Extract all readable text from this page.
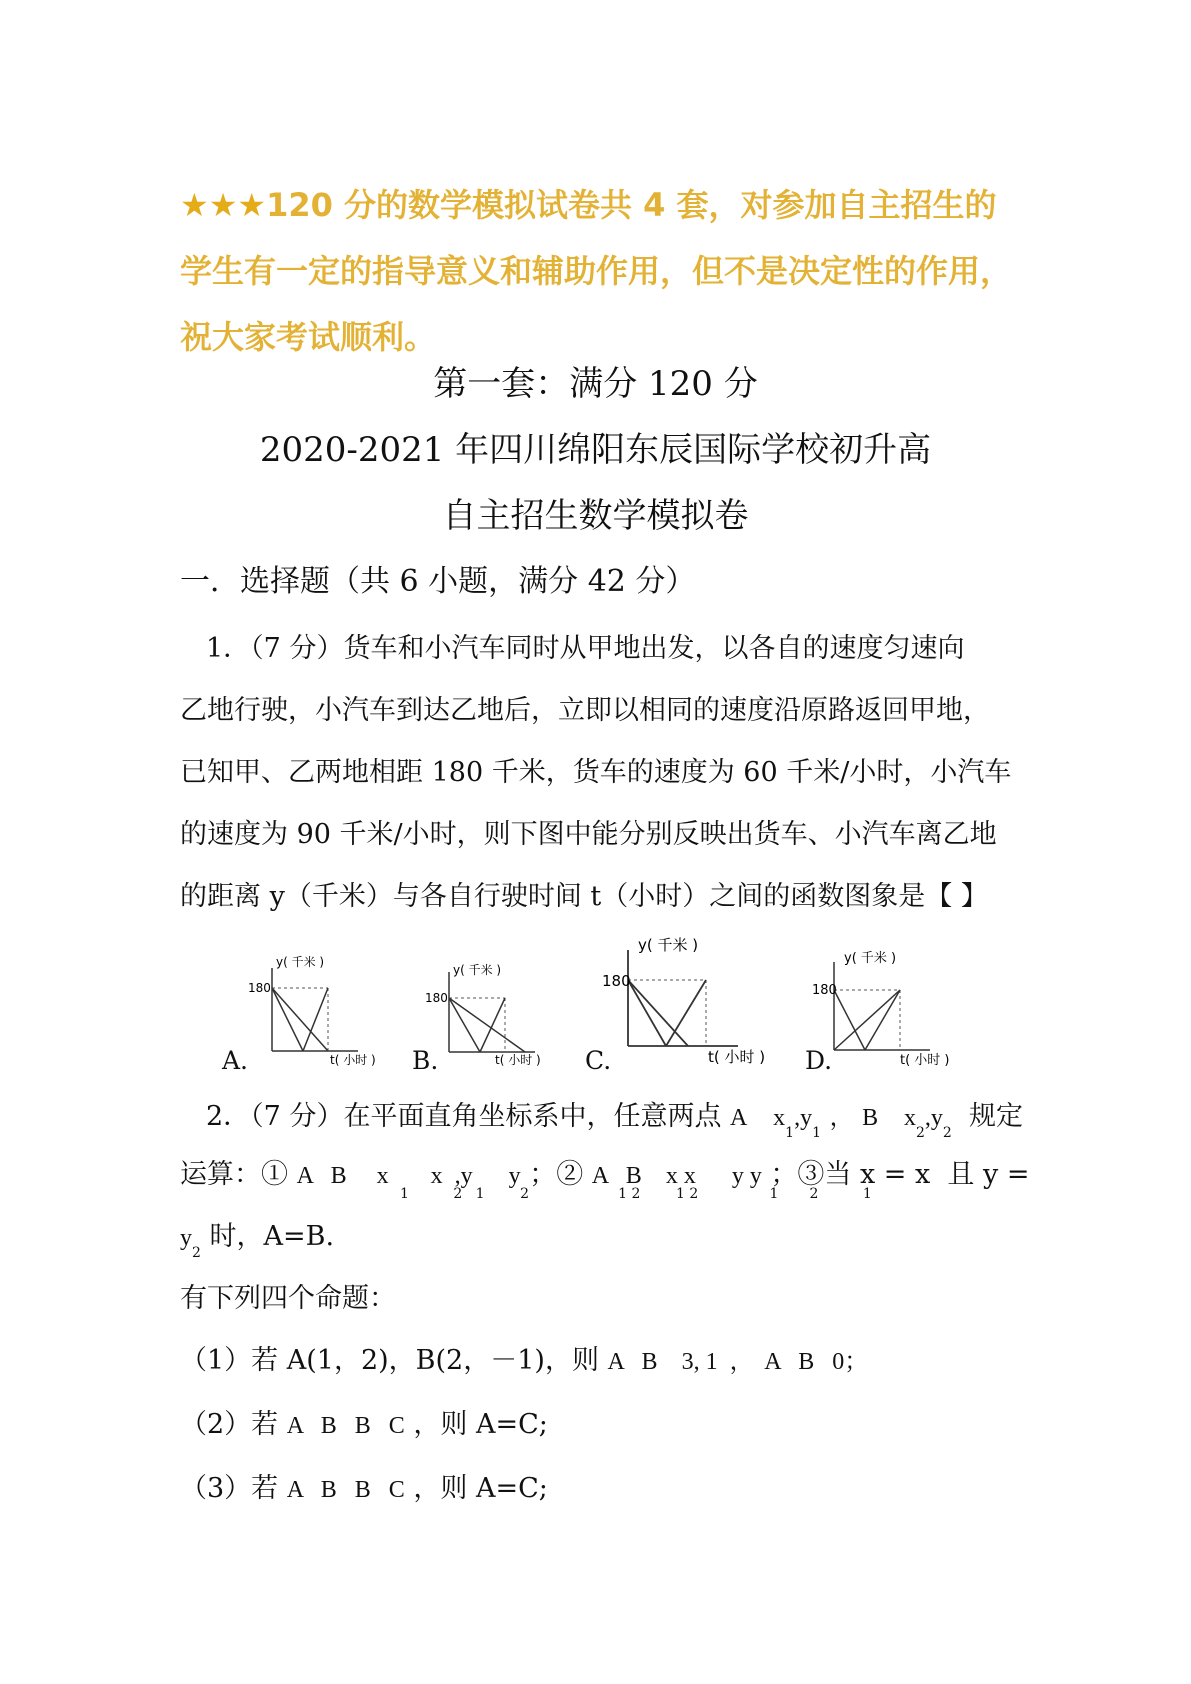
★★★120 分的数学模拟试卷共 4 套，对参加自主招生的
学生有一定的指导意义和辅助作用，但不是决定性的作用，
祝大家考试顺利。
第一套：满分 120 分
2020-2021 年四川绵阳东辰国际学校初升高
自主招生数学模拟卷
一．选择题（共 6 小题，满分 42 分）
1．（7 分）货车和小汽车同时从甲地出发，以各自的速度匀速向
乙地行驶，小汽车到达乙地后，立即以相同的速度沿原路返回甲地，
已知甲、乙两地相距 180 千米，货车的速度为 60 千米/小时，小汽车
的速度为 90 千米/小时，则下图中能分别反映出货车、小汽车离乙地
的距离 y（千米）与各自行驶时间 t（小时）之间的函数图象是【 】
A.	B.	C.	D.
y( 千米 )
180
t( 小时 )
y( 千米 )
180
t( 小时 )
y( 千米 )
180
t( 小时 )
y( 千米 )
180
t( 小时 )
2．（7 分）在平面直角坐标系中，任意两点 A $x_1,y_1$ ， B $x_2,y_2$  规定
运算：① A   B     x       x  ,y      y ；② A   B    x x      y y ；③当 x = x  且 y =
1          2   1        2	1 2        1 2	1       2          1
$y_2$ 时，A=B.
有下列四个命题：
（1）若 A(1，2)，B(2，－1)，则 A   B    3, 1  ，  A   B   0；
（2）若 A   B   B   C ，则 A=C;
（3）若 A   B   B   C ，则 A=C;
